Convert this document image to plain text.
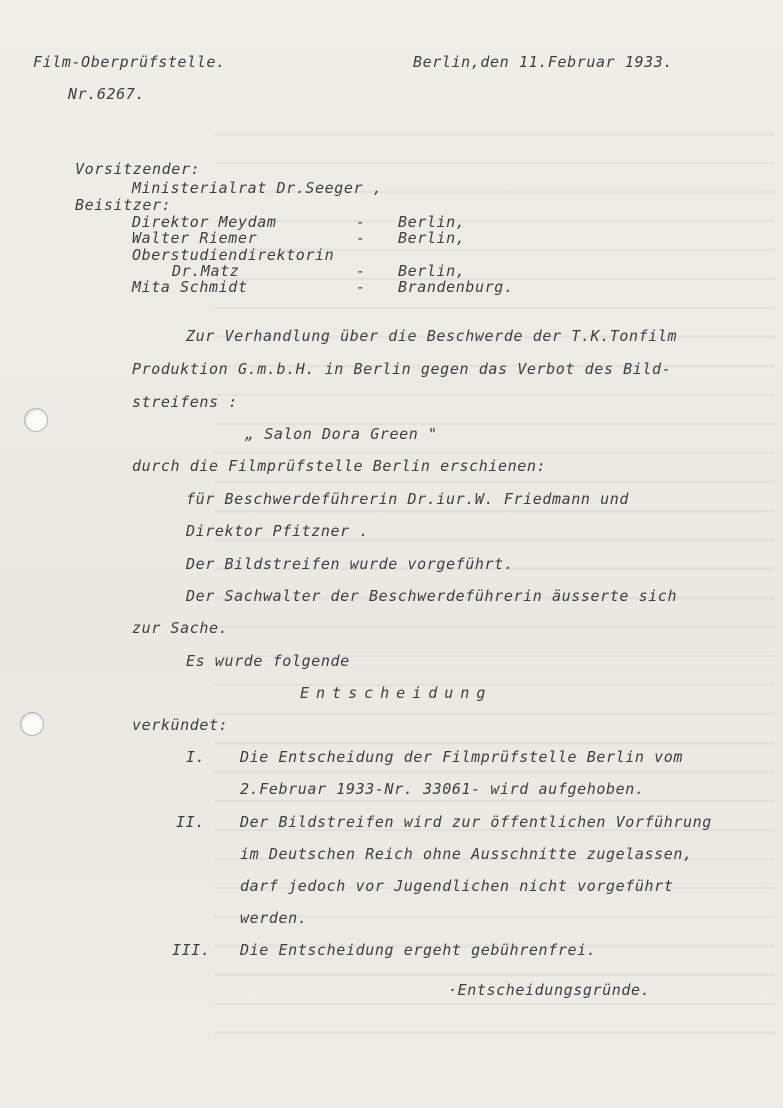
Film-Oberprüfstelle.
Nr.6267.
Berlin,den 11.Februar 1933.
Vorsitzender:
Ministerialrat Dr.Seeger ,
Beisitzer:
Direktor Meydam	- Berlin,
Walter Riemer	- Berlin,
Oberstudiendirektorin
Dr.Matz	- Berlin,
Mita Schmidt	- Brandenburg.
Zur Verhandlung über die Beschwerde der T.K.Tonfilm
Produktion G.m.b.H. in Berlin gegen das Verbot des Bild-
streifens :
„ Salon Dora Green "
durch die Filmprüfstelle Berlin erschienen:
für Beschwerdeführerin Dr.iur.W. Friedmann und
Direktor Pfitzner .
Der Bildstreifen wurde vorgeführt.
Der Sachwalter der Beschwerdeführerin äusserte sich
zur Sache.
Es wurde folgende
Entscheidung
verkündet:
I. Die Entscheidung der Filmprüfstelle Berlin vom
2.Februar 1933-Nr. 33061- wird aufgehoben.
II. Der Bildstreifen wird zur öffentlichen Vorführung
im Deutschen Reich ohne Ausschnitte zugelassen,
darf jedoch vor Jugendlichen nicht vorgeführt
werden.
III. Die Entscheidung ergeht gebührenfrei.
·Entscheidungsgründe.
